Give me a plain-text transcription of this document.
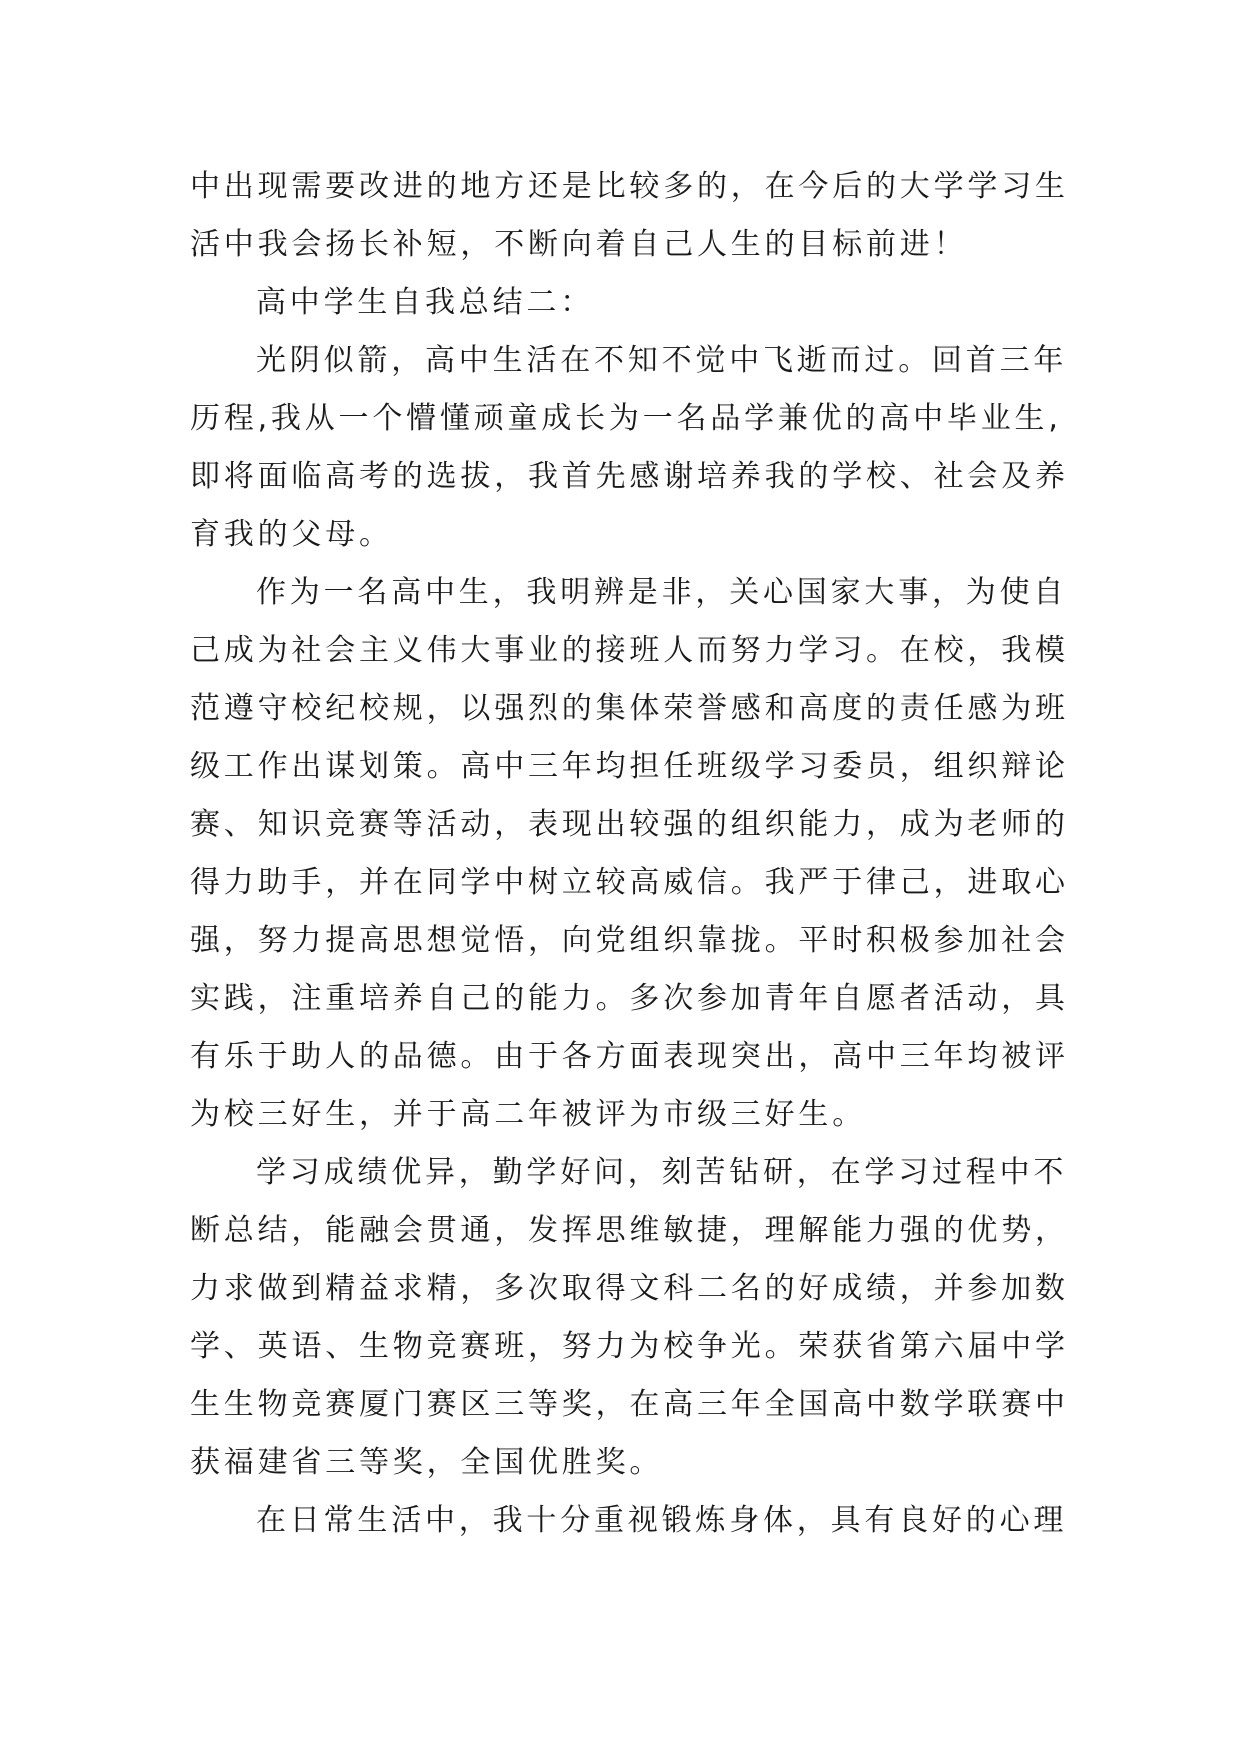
中出现需要改进的地方还是比较多的，在今后的大学学习生
活中我会扬长补短，不断向着自己人生的目标前进！
高中学生自我总结二：
光阴似箭，高中生活在不知不觉中飞逝而过。回首三年
历程,我从一个懵懂顽童成长为一名品学兼优的高中毕业生,
即将面临高考的选拔，我首先感谢培养我的学校、社会及养
育我的父母。
作为一名高中生，我明辨是非，关心国家大事，为使自
己成为社会主义伟大事业的接班人而努力学习。在校，我模
范遵守校纪校规，以强烈的集体荣誉感和高度的责任感为班
级工作出谋划策。高中三年均担任班级学习委员，组织辩论
赛、知识竞赛等活动，表现出较强的组织能力，成为老师的
得力助手，并在同学中树立较高威信。我严于律己，进取心
强，努力提高思想觉悟，向党组织靠拢。平时积极参加社会
实践，注重培养自己的能力。多次参加青年自愿者活动，具
有乐于助人的品德。由于各方面表现突出，高中三年均被评
为校三好生，并于高二年被评为市级三好生。
学习成绩优异，勤学好问，刻苦钻研，在学习过程中不
断总结，能融会贯通，发挥思维敏捷，理解能力强的优势，
力求做到精益求精，多次取得文科二名的好成绩，并参加数
学、英语、生物竞赛班，努力为校争光。荣获省第六届中学
生生物竞赛厦门赛区三等奖，在高三年全国高中数学联赛中
获福建省三等奖，全国优胜奖。
在日常生活中，我十分重视锻炼身体，具有良好的心理
